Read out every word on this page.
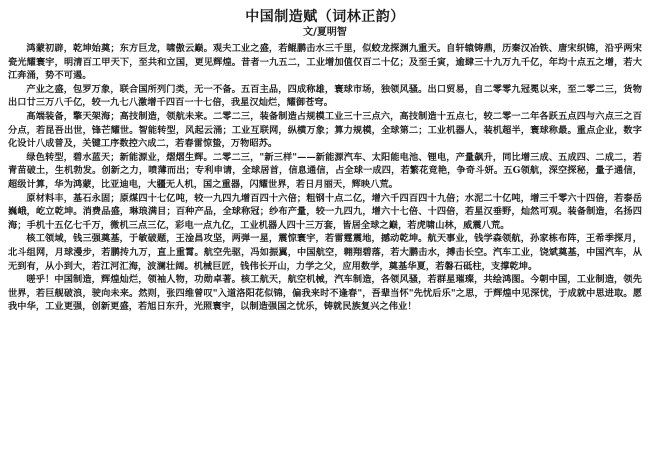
中国制造赋（词林正韵）
文/夏明智

鸿蒙初辟，乾坤始奠；东方巨龙，啸傲云巅。观夫工业之盛，若鲲鹏击水三千里，似蛟龙探渊九重天。自轩辕铸鼎，历秦汉冶铁、唐宋织锦，沿乎两宋瓷光耀寰宇，明清百工甲天下，至共和立国，更见辉煌。昔者一九五二，工业增加值仅百二十亿；及至壬寅，逾肆三十九万九千亿，年均十点五之增，若大江奔涌，势不可遏。

产业之盛，包罗万象，联合国所列门类，无一不备。五百主品，四成称雄，寰球市场，独领风骚。出口贸易，自二零零九冠冕以来，至二零二三，货物出口廿三万八千亿，较一九七八激增千四百一十七倍，我星汉灿烂，耀御苍穹。

高端装备，擎天架海；高技制造，领航未来。二零二三，装备制造占规模工业三十三点六，高技制造十五点七，较二零一二年各跃五点四与六点三之百分点，若昆吾出世，锋芒耀世。智能转型，风起云涌；工业互联网，纵横万象；算力规模，全球第二；工业机器人，装机超半，寰球称最。重点企业，数字化设计八成普及，关键工序数控六成二，若春雷惊蛰，万物昭苏。

绿色转型，碧水蓝天；新能源业，熠熠生辉。二零二三，"新三样"——新能源汽车、太阳能电池、锂电，产量飙升，同比增三成、五成四、二成二，若青苗破土，生机勃发。创新之力，喷薄而出；专利申请，全球居首，信息通信，占全球一成四，若繁花竞艳，争奇斗妍。五G领航，深空探秘，量子通信，超级计算，华为鸿蒙，比亚迪电，大疆无人机，国之重器，闪耀世界，若日月丽天，辉映八荒。

原材料丰，基石永固；原煤四十七亿吨，较一九四九增百四十六倍；粗钢十点二亿，增六千四百四十九倍；水泥二十亿吨，增三千零六十四倍，若泰岳巍峨，屹立乾坤。消费品盛，琳琅满目；百种产品，全球称冠；纱布产量，较一九四九，增六十七倍、十四倍，若星汉垂野，灿然可观。装备制造，名扬四海；手机十五亿七千万，微机三点三亿，彩电一点九亿，工业机器人四十三万套，皆居全球之巅，若虎啸山林，威震八荒。

核工领域，钱三强奠基，于敏破题，王淦昌攻坚，两弹一星，震惊寰宇，若雷霆震地，撼动乾坤。航天事业，钱学森领航，孙家栋布阵，王希季探月，北斗组网，月球漫步，若鹏抟九万，直上重霄。航空先驱，冯如振翼，中国航空，翱翔碧落，若大鹏击水，搏击长空。汽车工业，饶斌奠基，中国汽车，从无到有，从小到大，若江河汇海，波澜壮阔。机械巨匠，钱伟长开山，力学之父，应用数学，奠基华夏，若磐石砥柱，支撑乾坤。

嗟乎！中国制造，辉煌灿烂，领袖人物，功勋卓著。核工航天，航空机械，汽车制造，各领风骚，若群星璀璨，共绘鸿图。今朝中国，工业制造，领先世界，若巨舰破浪，驶向未来。然则，张四维曾叹"入道洛阳花似锦，偏我来时不逢春"，吾辈当怀"先忧后乐"之思，于辉煌中见深忧，于成就中思进取。愿我中华，工业更强，创新更盛，若旭日东升，光照寰宇，以制造强国之忧乐，铸就民族复兴之伟业！
